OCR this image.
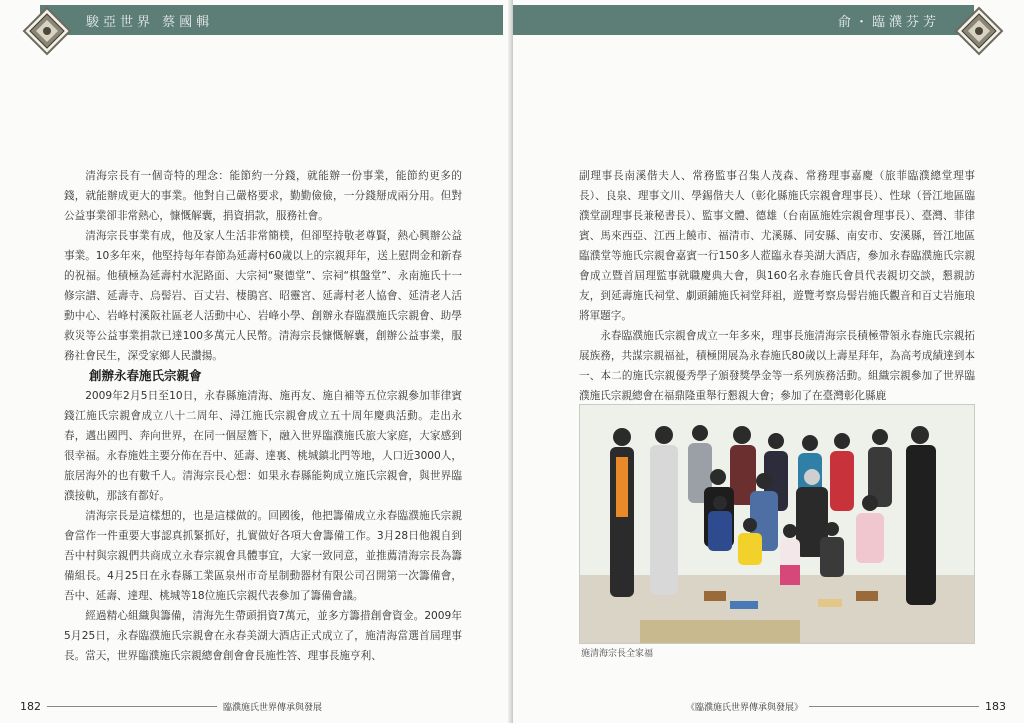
駿亞世界 蔡國輯

清海宗長有一個奇特的理念：能節約一分錢，就能辦一份事業，能節約更多的錢，就能辦成更大的事業。他對自己嚴格要求，勤勤儉儉，一分錢掰成兩分用。但對公益事業卻非常熱心，慷慨解囊，捐資捐款，服務社會。

清海宗長事業有成，他及家人生活非常簡樸，但卻堅持敬老尊賢，熱心興辦公益事業。10多年來，他堅持每年春節為延壽村60歲以上的宗親拜年，送上慰問金和新春的祝福。他積極為延壽村水泥路面、大宗祠“聚德堂”、宗祠“棋盤堂”、永南施氏十一修宗譜、延壽寺、烏髻岩、百丈岩、棲鵑宮、昭靈宮、延壽村老人協會、延清老人活動中心、岩峰村溪阪社區老人活動中心、岩峰小學、創辦永春臨濮施氏宗親會、助學救災等公益事業捐款已達100多萬元人民幣。清海宗長慷慨解囊，創辦公益事業，服務社會民生，深受家鄉人民讚揚。

創辦永春施氏宗親會

2009年2月5日至10日，永春縣施清海、施再友、施自補等五位宗親參加菲律賓錢江施氏宗親會成立八十二周年、潯江施氏宗親會成立五十周年慶典活動。走出永春，邁出國門、奔向世界，在同一個屋簷下，融入世界臨濮施氏旅大家庭，大家感到很幸福。永春施姓主要分佈在吾中、延壽、達裏、桃城鎮北門等地，人口近3000人，旅居海外的也有數千人。清海宗長心想：如果永春縣能夠成立施氏宗親會，與世界臨濮接軌，那該有都好。

清海宗長是這樣想的，也是這樣做的。回國後，他把籌備成立永春臨濮施氏宗親會當作一件重要大事認真抓緊抓好，扎實做好各項大會籌備工作。3月28日他親自到吾中村與宗親們共商成立永春宗親會具體事宜，大家一致同意，並推薦清海宗長為籌備組長。4月25日在永春縣工業區泉州市奇星制動器材有限公司召開第一次籌備會，吾中、延壽、達理、桃城等18位施氏宗親代表參加了籌備會議。

經過精心組織與籌備，清海先生帶頭捐資7萬元，並多方籌措創會資金。2009年5月25日，永春臨濮施氏宗親會在永春美湖大酒店正式成立了，施清海當選首屆理事長。當天，世界臨濮施氏宗親總會創會會長施性答、理事長施亨利、

182	臨濮施氏世界傳承與發展
俞・臨濮芬芳

副理事長南溪偕夫人、常務監事召集人茂森、常務理事嘉慶（旅菲臨濮總堂理事長）、良泉、理事文川、學錫偕夫人（彰化縣施氏宗親會理事長）、性球（晉江地區臨濮堂副理事長兼秘書長）、監事文體、德雄（台南區施姓宗親會理事長）、臺灣、菲律賓、馬來西亞、江西上饒市、福清市、尤溪縣、同安縣、南安市、安溪縣，晉江地區臨濮堂等施氏宗親會嘉賓一行150多人蒞臨永春美湖大酒店，參加永春臨濮施氏宗親會成立暨首屆理監事就職慶典大會，與160名永春施氏會員代表親切交談，懇親訪友，到延壽施氏祠堂、劇頭鋪施氏祠堂拜祖，遊覽考察烏髻岩施氏觀音和百丈岩施琅將軍題字。

永春臨濮施氏宗親會成立一年多來，理事長施清海宗長積極帶領永春施氏宗親拓展族務，共謀宗親福祉，積極開展為永春施氏80歲以上壽星拜年，為高考成績達到本一、本二的施氏宗親優秀學子頒發獎學金等一系列族務活動。組織宗親參加了世界臨濮施氏宗親總會在福鼎隆重舉行懇親大會；參加了在臺灣彰化縣鹿

施清海宗長全家福
《臨濮施氏世界傳承與發展》	183
